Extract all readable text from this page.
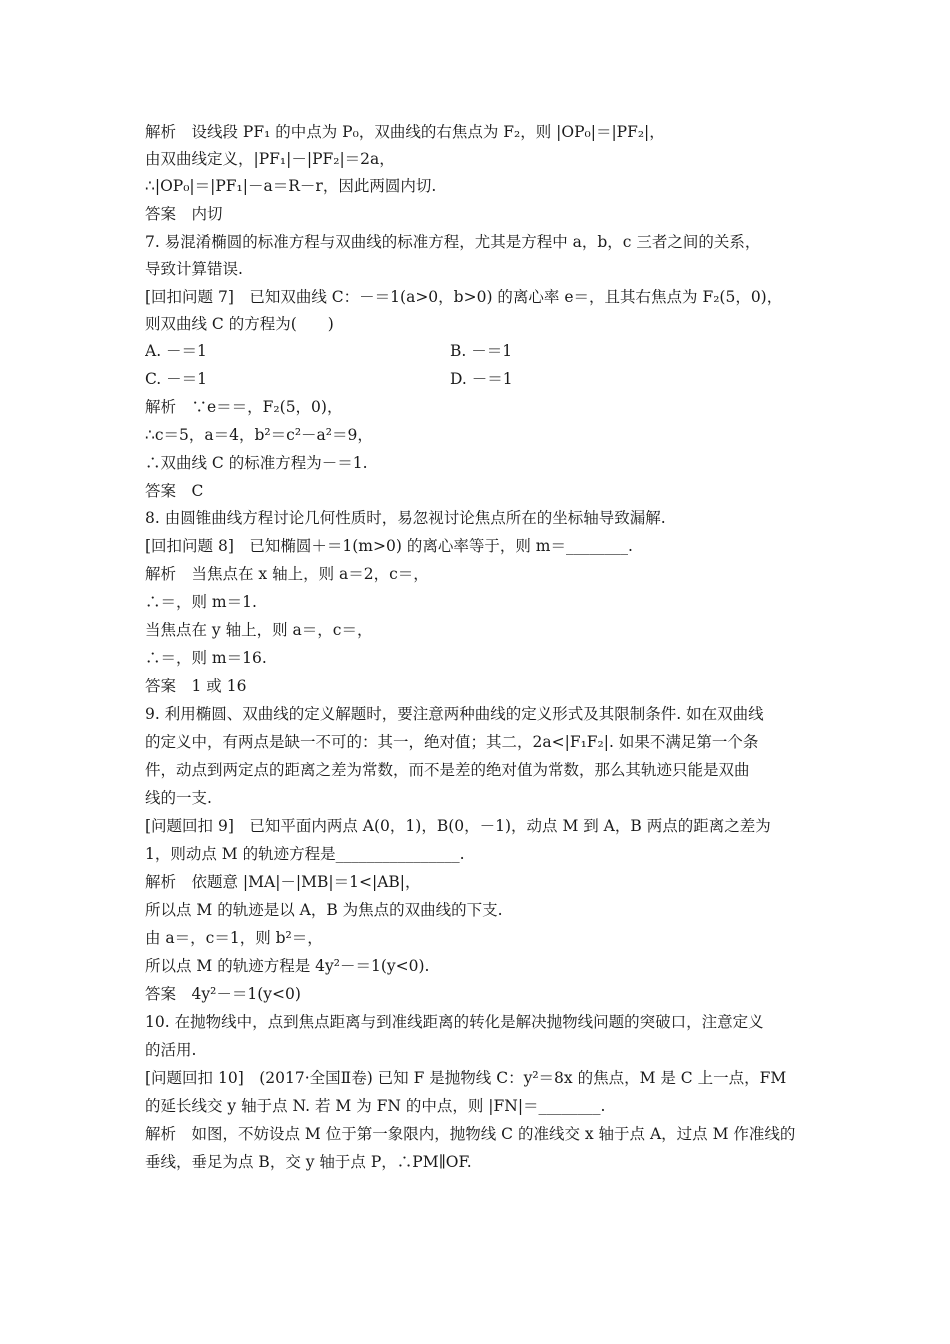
解析　设线段 PF₁ 的中点为 P₀，双曲线的右焦点为 F₂，则 |OP₀|＝|PF₂|，
由双曲线定义，|PF₁|－|PF₂|＝2a，
∴|OP₀|＝|PF₁|－a＝R－r，因此两圆内切.
答案　内切
7. 易混淆椭圆的标准方程与双曲线的标准方程，尤其是方程中 a，b，c 三者之间的关系，
导致计算错误.
[回扣问题 7]　已知双曲线 C：－＝1(a>0，b>0) 的离心率 e＝，且其右焦点为 F₂(5，0)，
则双曲线 C 的方程为(　　)
A. －＝1	B. －＝1
C. －＝1	D. －＝1
解析　∵e＝＝，F₂(5，0)，
∴c＝5，a＝4，b²＝c²－a²＝9，
∴双曲线 C 的标准方程为－＝1.
答案　C
8. 由圆锥曲线方程讨论几何性质时，易忽视讨论焦点所在的坐标轴导致漏解.
[回扣问题 8]　已知椭圆＋＝1(m>0) 的离心率等于，则 m＝________.
解析　当焦点在 x 轴上，则 a＝2，c＝，
∴＝，则 m＝1.
当焦点在 y 轴上，则 a＝，c＝，
∴＝，则 m＝16.
答案　1 或 16
9. 利用椭圆、双曲线的定义解题时，要注意两种曲线的定义形式及其限制条件. 如在双曲线
的定义中，有两点是缺一不可的：其一，绝对值；其二，2a<|F₁F₂|. 如果不满足第一个条
件，动点到两定点的距离之差为常数，而不是差的绝对值为常数，那么其轨迹只能是双曲
线的一支.
[问题回扣 9]　已知平面内两点 A(0，1)，B(0，－1)，动点 M 到 A，B 两点的距离之差为
1，则动点 M 的轨迹方程是________________.
解析　依题意 |MA|－|MB|＝1<|AB|，
所以点 M 的轨迹是以 A，B 为焦点的双曲线的下支.
由 a＝，c＝1，则 b²＝，
所以点 M 的轨迹方程是 4y²－＝1(y<0).
答案　4y²－＝1(y<0)
10. 在抛物线中，点到焦点距离与到准线距离的转化是解决抛物线问题的突破口，注意定义
的活用.
[问题回扣 10]　(2017·全国Ⅱ卷) 已知 F 是抛物线 C：y²＝8x 的焦点，M 是 C 上一点，FM
的延长线交 y 轴于点 N. 若 M 为 FN 的中点，则 |FN|＝________.
解析　如图，不妨设点 M 位于第一象限内，抛物线 C 的准线交 x 轴于点 A，过点 M 作准线的
垂线，垂足为点 B，交 y 轴于点 P，∴PM∥OF.
